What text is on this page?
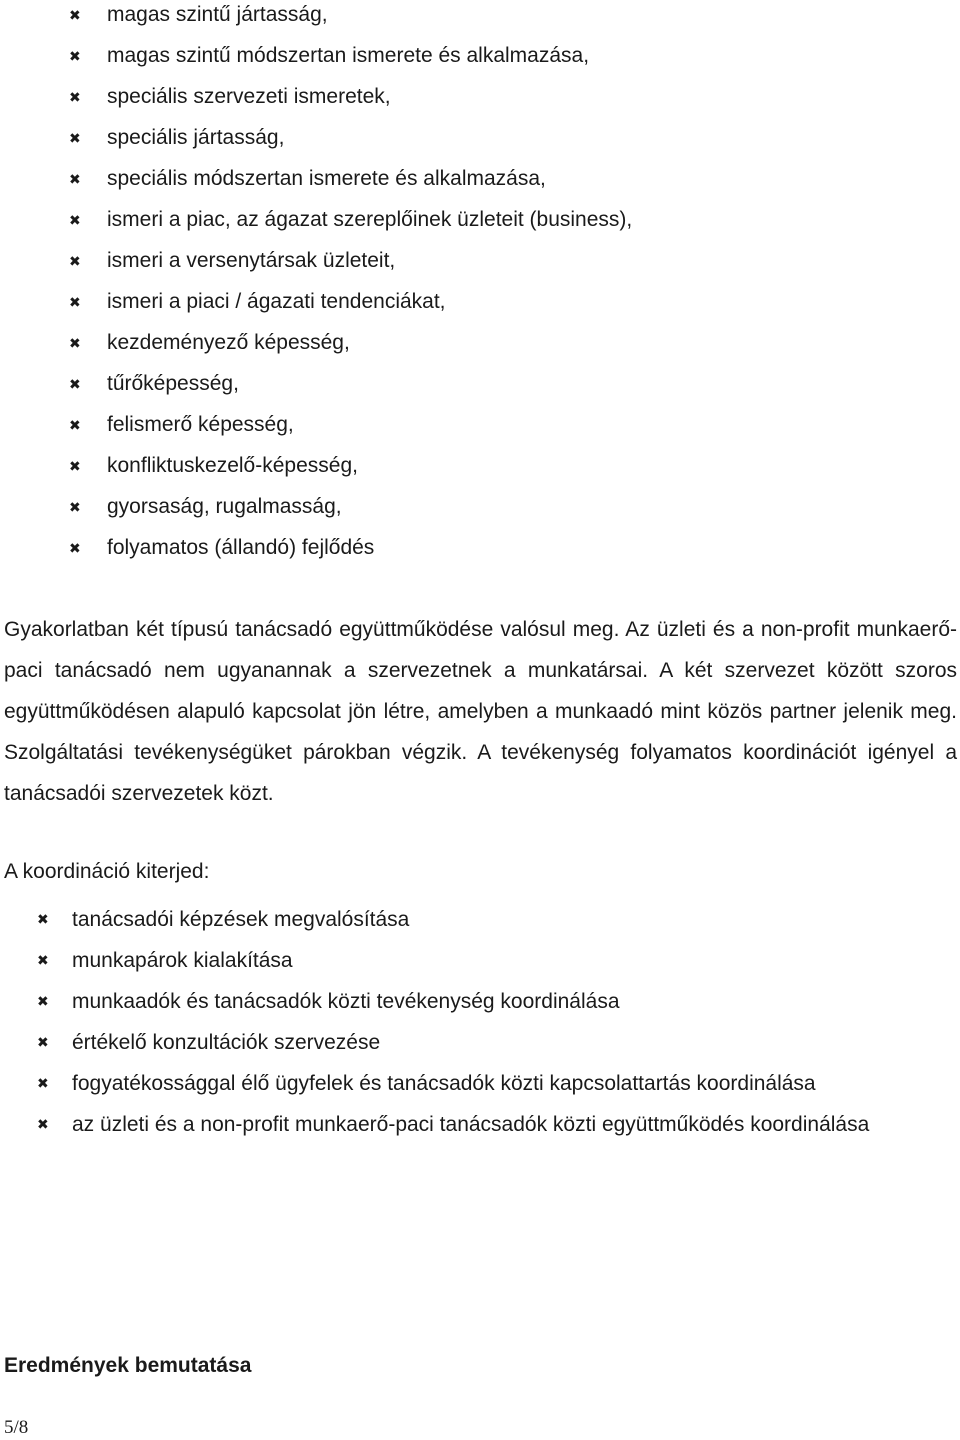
✖ magas szintű jártasság,
✖ magas szintű módszertan ismerete és alkalmazása,
✖ speciális szervezeti ismeretek,
✖ speciális jártasság,
✖ speciális módszertan ismerete és alkalmazása,
✖ ismeri a piac, az ágazat szereplőinek üzleteit (business),
✖ ismeri a versenytársak üzleteit,
✖ ismeri a piaci / ágazati tendenciákat,
✖ kezdeményező képesség,
✖ tűrőképesség,
✖ felismerő képesség,
✖ konfliktuskezelő-képesség,
✖ gyorsaság, rugalmasság,
✖ folyamatos (állandó) fejlődés

Gyakorlatban két típusú tanácsadó együttműködése valósul meg. Az üzleti és a non-profit munkaerő-paci tanácsadó nem ugyanannak a szervezetnek a munkatársai. A két szervezet között szoros együttműködésen alapuló kapcsolat jön létre, amelyben a munkaadó mint közös partner jelenik meg. Szolgáltatási tevékenységüket párokban végzik. A tevékenység folyamatos koordinációt igényel a tanácsadói szervezetek közt.

A koordináció kiterjed:

✖ tanácsadói képzések megvalósítása
✖ munkapárok kialakítása
✖ munkaadók és tanácsadók közti tevékenység koordinálása
✖ értékelő konzultációk szervezése
✖ fogyatékossággal élő ügyfelek és tanácsadók közti kapcsolattartás koordinálása
✖ az üzleti és a non-profit munkaerő-paci tanácsadók közti együttműködés koordinálása

Eredmények bemutatása

5/8
